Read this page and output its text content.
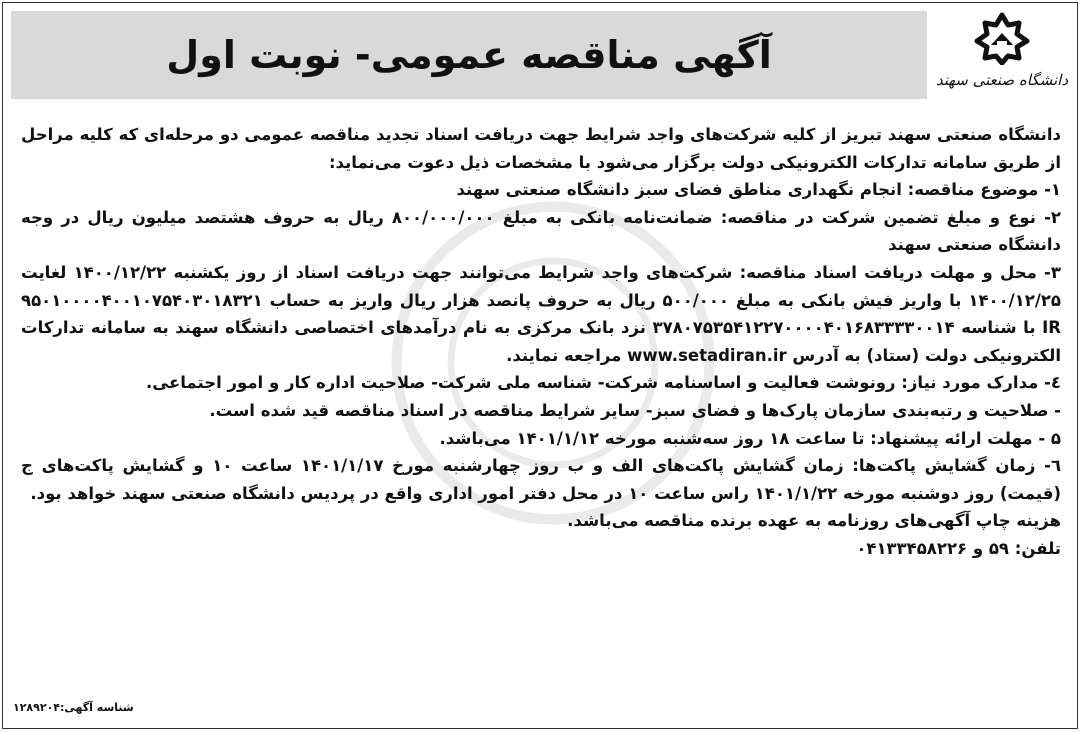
آگهی مناقصه عمومی- نوبت اول
دانشگاه صنعتی سهند

دانشگاه صنعتی سهند تبریز از کلیه شرکت‌های واجد شرایط جهت دریافت اسناد تجدید مناقصه عمومی دو مرحله‌ای که کلیه مراحل از طریق سامانه تدارکات الکترونیکی دولت برگزار می‌شود با مشخصات ذیل دعوت می‌نماید:

۱- موضوع مناقصه: انجام نگهداری مناطق فضای سبز دانشگاه صنعتی سهند

۲- نوع و مبلغ تضمین شرکت در مناقصه: ضمانت‌نامه بانکی به مبلغ ۸۰۰/۰۰۰/۰۰۰ ریال به حروف هشتصد میلیون ریال در وجه دانشگاه صنعتی سهند

۳- محل و مهلت دریافت اسناد مناقصه: شرکت‌های واجد شرایط می‌توانند جهت دریافت اسناد از روز یکشنبه ۱۴۰۰/۱۲/۲۲ لغایت ۱۴۰۰/۱۲/۲۵ با واریز فیش بانکی به مبلغ ۵۰۰/۰۰۰ ریال به حروف پانصد هزار ریال واریز به حساب ۹۵۰۱۰۰۰۰۴۰۰۱۰۷۵۴۰۳۰۱۸۳۲۱ IR با شناسه ۳۷۸۰۷۵۳۵۴۱۲۲۷۰۰۰۰۴۰۱۶۸۳۳۳۳۰۰۱۴ نزد بانک مرکزی به نام درآمدهای اختصاصی دانشگاه سهند به سامانه تدارکات الکترونیکی دولت (ستاد) به آدرس www.setadiran.ir مراجعه نمایند.

٤- مدارک مورد نیاز: رونوشت فعالیت و اساسنامه شرکت- شناسه ملی شرکت- صلاحیت اداره کار و امور اجتماعی.

- صلاحیت و رتبه‌بندی سازمان پارک‌ها و فضای سبز- سایر شرایط مناقصه در اسناد مناقصه قید شده است.

۵ - مهلت ارائه پیشنهاد: تا ساعت ۱۸ روز سه‌شنبه مورخه ۱۴۰۱/۱/۱۲ می‌باشد.

٦- زمان گشایش پاکت‌ها: زمان گشایش پاکت‌های الف و ب روز چهارشنبه مورخ ۱۴۰۱/۱/۱۷ ساعت ۱۰ و گشایش پاکت‌های ج (قیمت) روز دوشنبه مورخه ۱۴۰۱/۱/۲۲ راس ساعت ۱۰ در محل دفتر امور اداری واقع در پردیس دانشگاه صنعتی سهند خواهد بود.

هزینه چاپ آگهی‌های روزنامه به عهده برنده مناقصه می‌باشد.

تلفن: ۵۹ و ۰۴۱۳۳۴۵۸۲۲۶

شناسه آگهی:۱۲۸۹۲۰۴
